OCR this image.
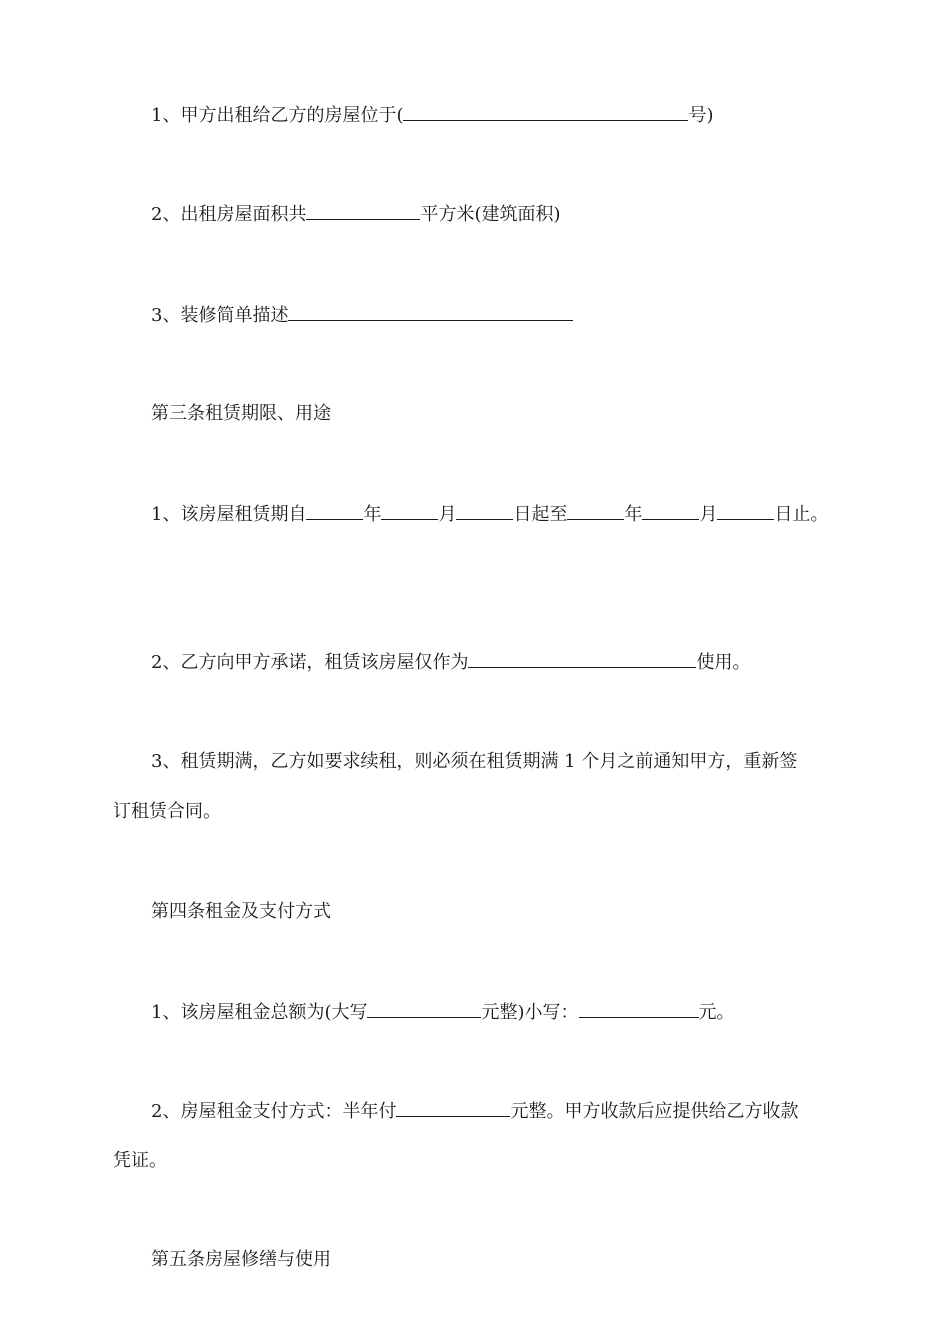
1、甲方出租给乙方的房屋位于(	号)
2、出租房屋面积共	平方米(建筑面积)
3、装修简单描述
第三条租赁期限、用途
1、该房屋租赁期自	年	月	日起至	年	月	日止。
2、乙方向甲方承诺，租赁该房屋仅作为	使用。
3、租赁期满，乙方如要求续租，则必须在租赁期满 1 个月之前通知甲方，重新签
订租赁合同。
第四条租金及支付方式
1、该房屋租金总额为(大写	元整)小写：	元。
2、房屋租金支付方式：半年付	元整。甲方收款后应提供给乙方收款
凭证。
第五条房屋修缮与使用
